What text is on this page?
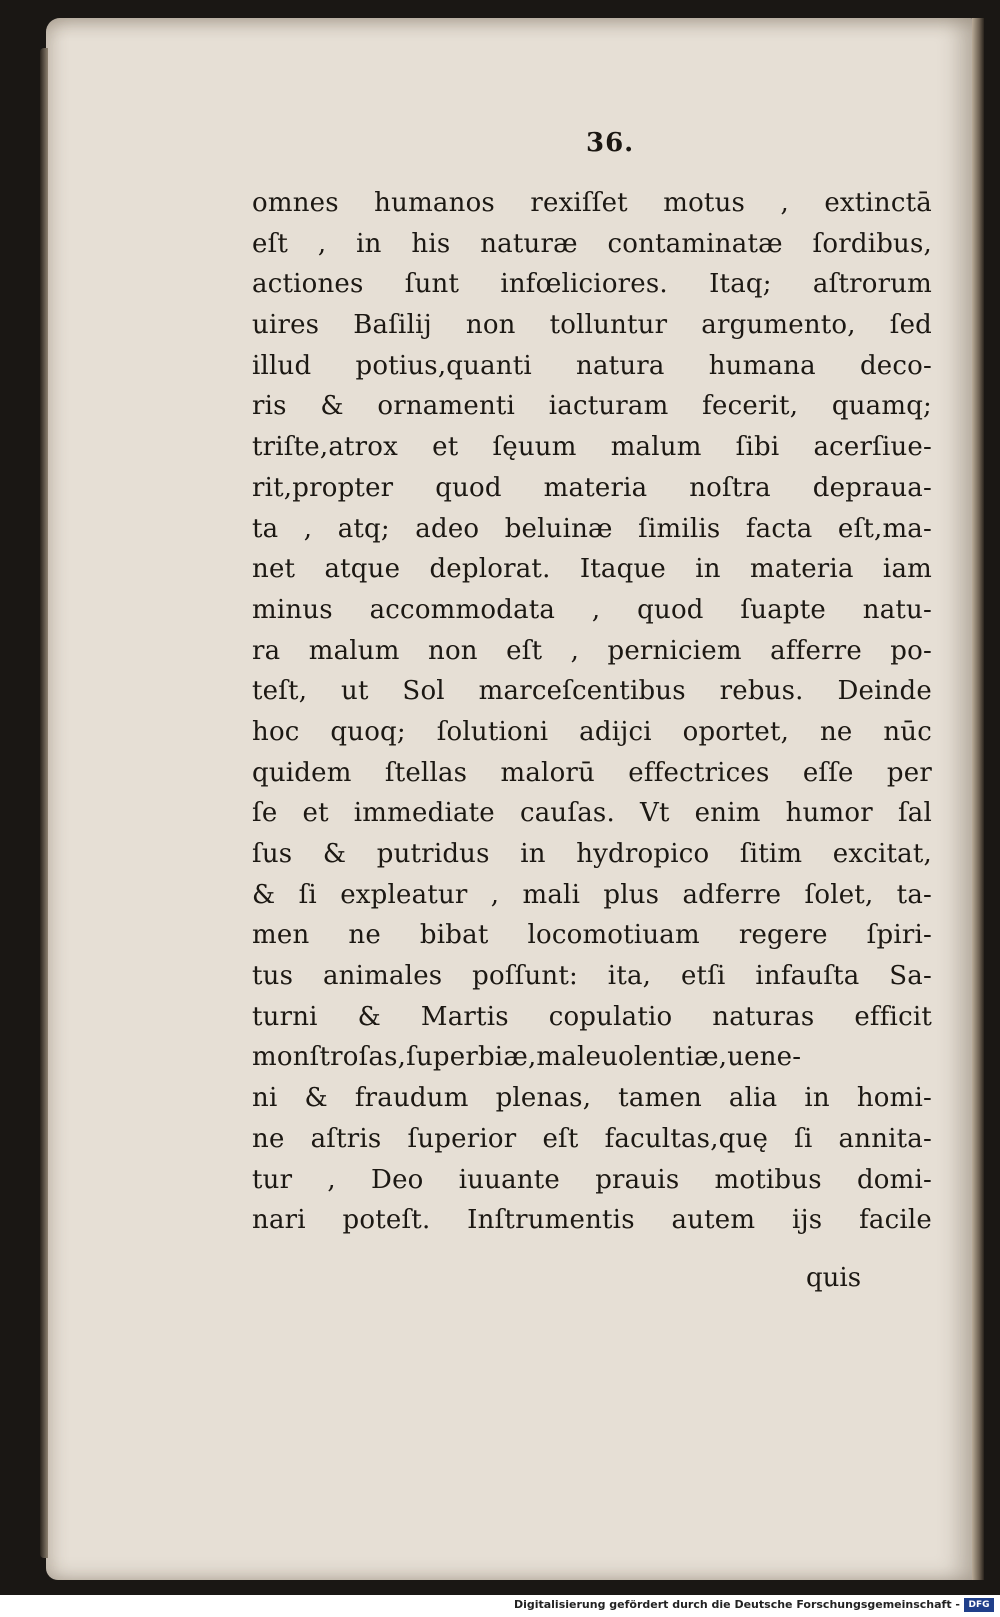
36.
omnes humanos rexiſſet motus , extinctā
eſt , in his naturæ contaminatæ ſordibus,
actiones ſunt infœliciores. Itaq; aſtrorum
uires Baſilij non tolluntur argumento, ſed
illud potius,quanti natura humana deco-
ris & ornamenti iacturam fecerit, quamq;
triſte,atrox et ſęuum malum ſibi acerſiue-
rit,propter quod materia noſtra deprauа-
ta , atq; adeo beluinæ ſimilis facta eſt,ma-
net atque deplorat. Itaque in materia iam
minus accommodata , quod ſuapte natu-
ra malum non eſt , perniciem afferre po-
teſt, ut Sol marceſcentibus rebus. Deinde
hoc quoq; ſolutioni adijci oportet, ne nūc
quidem ſtellas malorū effectrices eſſe per
ſe et immediate cauſas. Vt enim humor ſal
ſus & putridus in hydropico ſitim excitat,
& ſi expleatur , mali plus adferre ſolet, ta-
men ne bibat locomotiuam regere ſpiri-
tus animales poſſunt: ita, etſi infauſta Sa-
turni & Martis copulatio naturas efficit
monſtroſas,ſuperbiæ,maleuolentiæ,uene-
ni & fraudum plenas, tamen alia in homi-
ne aſtris ſuperior eſt facultas,quę ſi annita-
tur , Deo iuuante prauis motibus domi-
nari poteſt. Inſtrumentis autem ijs facile
quis
Digitalisierung gefördert durch die Deutsche Forschungsgemeinschaft - DFG
